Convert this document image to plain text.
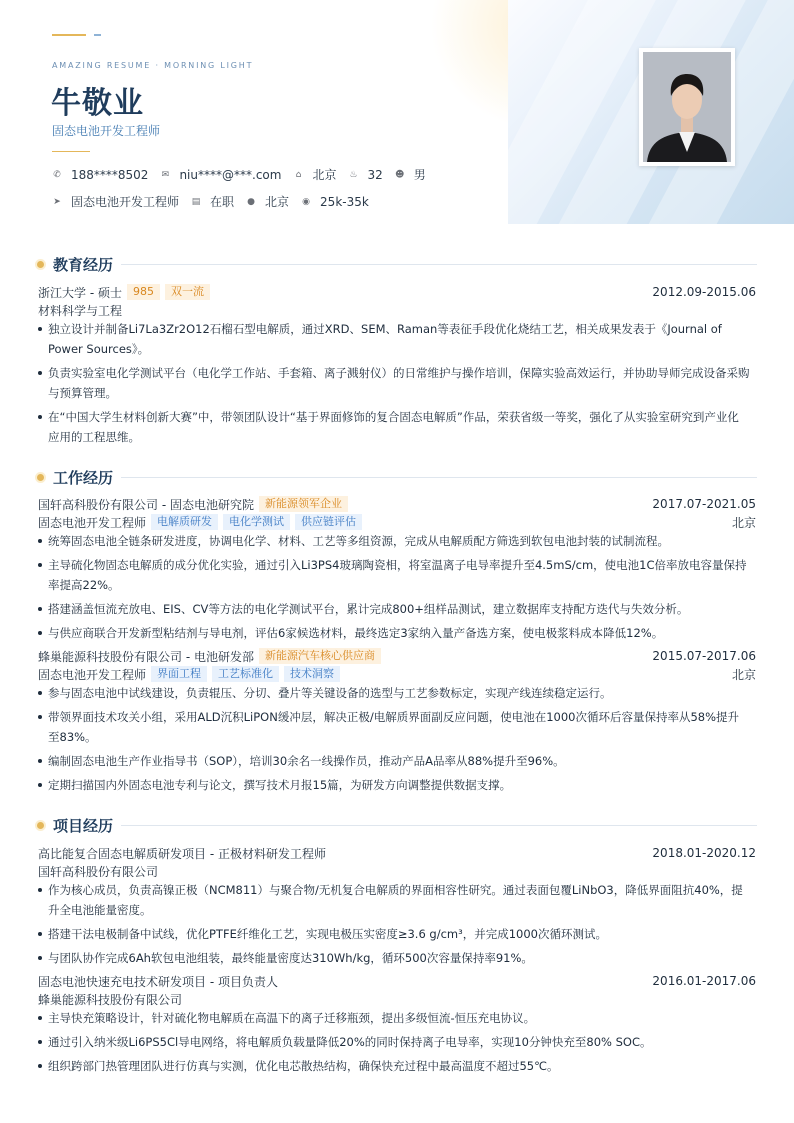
AMAZING RESUME · MORNING LIGHT
牛敬业
固态电池开发工程师
✆ 188****8502 ✉ niu****@***.com ⌂ 北京 ♨ 32 ☻ 男
➤ 固态电池开发工程师 ▤ 在职 ● 北京 ◉ 25k-35k
教育经历
浙江大学 - 硕士	985	双一流	2012.09-2015.06
材料科学与工程
独立设计并制备Li7La3Zr2O12石榴石型电解质，通过XRD、SEM、Raman等表征手段优化烧结工艺，相关成果发表于《Journal of Power Sources》。
负责实验室电化学测试平台（电化学工作站、手套箱、离子溅射仪）的日常维护与操作培训，保障实验高效运行，并协助导师完成设备采购与预算管理。
在“中国大学生材料创新大赛”中，带领团队设计“基于界面修饰的复合固态电解质”作品，荣获省级一等奖，强化了从实验室研究到产业化应用的工程思维。
工作经历
国轩高科股份有限公司 - 固态电池研究院	新能源领军企业	2017.07-2021.05
固态电池开发工程师	电解质研发	电化学测试	供应链评估	北京
统筹固态电池全链条研发进度，协调电化学、材料、工艺等多组资源，完成从电解质配方筛选到软包电池封装的试制流程。
主导硫化物固态电解质的成分优化实验，通过引入Li3PS4玻璃陶瓷相，将室温离子电导率提升至4.5mS/cm，使电池1C倍率放电容量保持率提高22%。
搭建涵盖恒流充放电、EIS、CV等方法的电化学测试平台，累计完成800+组样品测试，建立数据库支持配方迭代与失效分析。
与供应商联合开发新型粘结剂与导电剂，评估6家候选材料，最终选定3家纳入量产备选方案，使电极浆料成本降低12%。
蜂巢能源科技股份有限公司 - 电池研发部	新能源汽车核心供应商	2015.07-2017.06
固态电池开发工程师	界面工程	工艺标准化	技术洞察	北京
参与固态电池中试线建设，负责辊压、分切、叠片等关键设备的选型与工艺参数标定，实现产线连续稳定运行。
带领界面技术攻关小组，采用ALD沉积LiPON缓冲层，解决正极/电解质界面副反应问题，使电池在1000次循环后容量保持率从58%提升至83%。
编制固态电池生产作业指导书（SOP），培训30余名一线操作员，推动产品A品率从88%提升至96%。
定期扫描国内外固态电池专利与论文，撰写技术月报15篇，为研发方向调整提供数据支撑。
项目经历
高比能复合固态电解质研发项目 - 正极材料研发工程师	2018.01-2020.12
国轩高科股份有限公司
作为核心成员，负责高镍正极（NCM811）与聚合物/无机复合电解质的界面相容性研究。通过表面包覆LiNbO3，降低界面阻抗40%，提升全电池能量密度。
搭建干法电极制备中试线，优化PTFE纤维化工艺，实现电极压实密度≥3.6 g/cm³，并完成1000次循环测试。
与团队协作完成6Ah软包电池组装，最终能量密度达310Wh/kg，循环500次容量保持率91%。
固态电池快速充电技术研发项目 - 项目负责人	2016.01-2017.06
蜂巢能源科技股份有限公司
主导快充策略设计，针对硫化物电解质在高温下的离子迁移瓶颈，提出多级恒流-恒压充电协议。
通过引入纳米级Li6PS5Cl导电网络，将电解质负载量降低20%的同时保持离子电导率，实现10分钟快充至80% SOC。
组织跨部门热管理团队进行仿真与实测，优化电芯散热结构，确保快充过程中最高温度不超过55℃。
